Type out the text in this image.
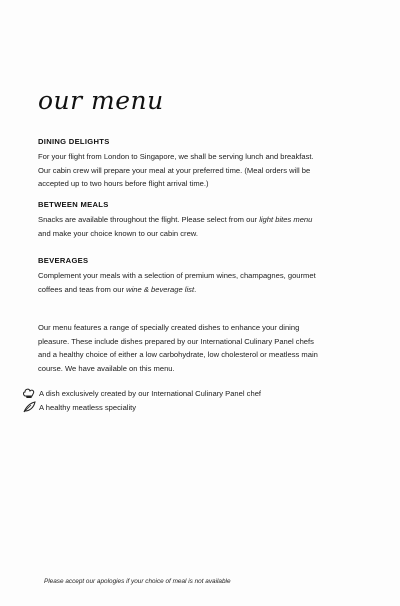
our menu
DINING DELIGHTS
For your flight from London to Singapore, we shall be serving lunch and breakfast.
Our cabin crew will prepare your meal at your preferred time. (Meal orders will be
accepted up to two hours before flight arrival time.)
BETWEEN MEALS
Snacks are available throughout the flight. Please select from our light bites menu
and make your choice known to our cabin crew.
BEVERAGES
Complement your meals with a selection of premium wines, champagnes, gourmet
coffees and teas from our wine & beverage list.
Our menu features a range of specially created dishes to enhance your dining
pleasure. These include dishes prepared by our International Culinary Panel chefs
and a healthy choice of either a low carbohydrate, low cholesterol or meatless main
course. We have available on this menu.
A dish exclusively created by our International Culinary Panel chef
A healthy meatless speciality
Please accept our apologies if your choice of meal is not available
